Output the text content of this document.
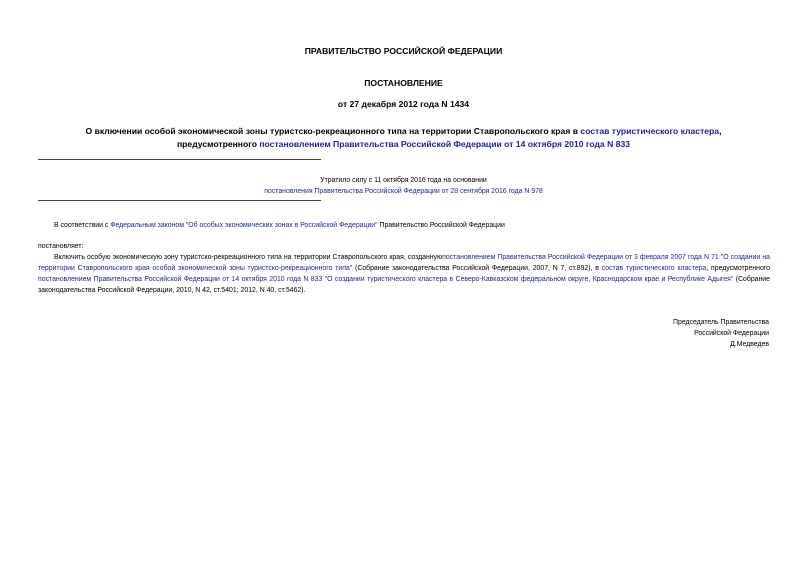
ПРАВИТЕЛЬСТВО РОССИЙСКОЙ ФЕДЕРАЦИИ
ПОСТАНОВЛЕНИЕ
от 27 декабря 2012 года N 1434
О включении особой экономической зоны туристско-рекреационного типа на территории Ставропольского края в состав туристического кластера, предусмотренного постановлением Правительства Российской Федерации от 14 октября 2010 года N 833
Утратило силу с 11 октября 2016 года на основании
постановления Правительства Российской Федерации от 28 сентября 2016 года N 978
В соответствии с Федеральным законом "Об особых экономических зонах в Российской Федерации" Правительство Российской Федерации
постановляет:
Включить особую экономическую зону туристско-рекреационного типа на территории Ставропольского края, созданнуюпостановлением Правительства Российской Федерации от 3 февраля 2007 года N 71 "О создании на территории Ставропольского края особой экономической зоны туристско-рекреационного типа" (Собрание законодательства Российской Федерации, 2007, N 7, ст.892), в состав туристического кластера, предусмотренного постановлением Правительства Российской Федерации от 14 октября 2010 года N 833 "О создании туристического кластера в Северо-Кавказском федеральном округе, Краснодарском крае и Республике Адыгея" (Собрание законодательства Российской Федерации, 2010, N 42, ст.5401; 2012, N 40, ст.5462).
Председатель Правительства
Российской Федерации
Д.Медведев
